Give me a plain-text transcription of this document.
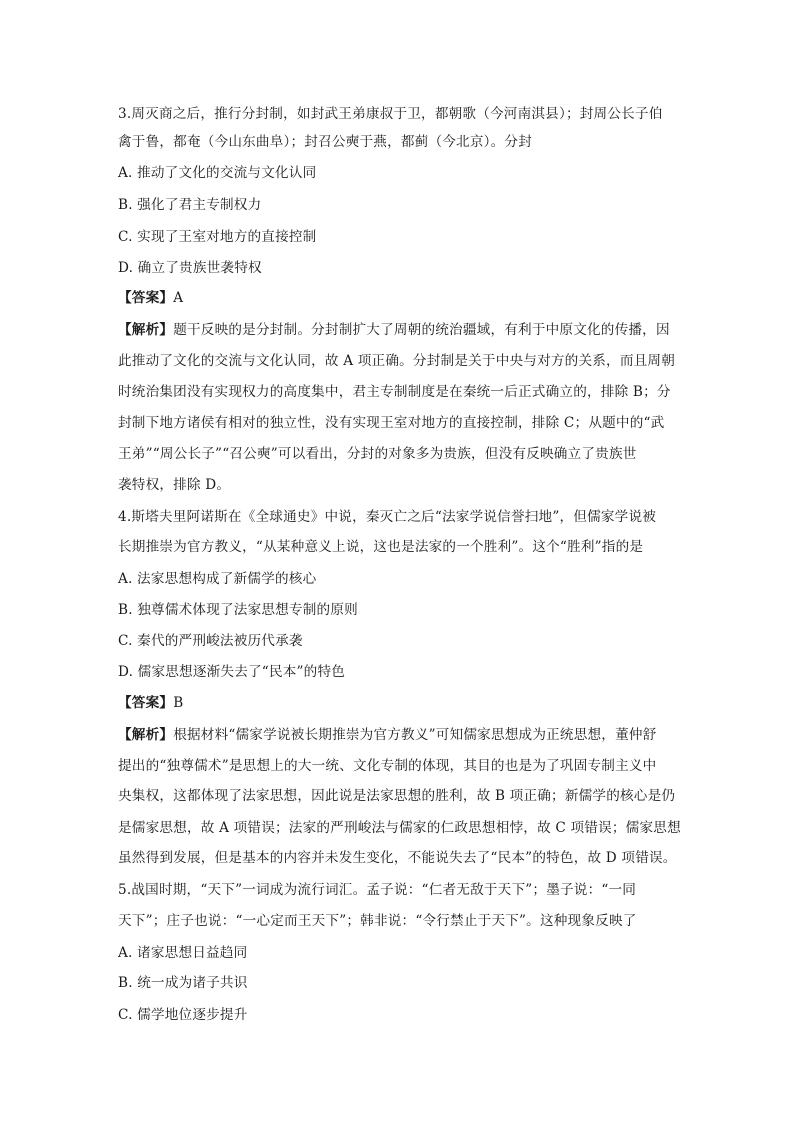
3.周灭商之后，推行分封制，如封武王弟康叔于卫，都朝歌（今河南淇县）；封周公长子伯
禽于鲁，都奄（今山东曲阜）；封召公奭于燕，都蓟（今北京）。分封
A. 推动了文化的交流与文化认同
B. 强化了君主专制权力
C. 实现了王室对地方的直接控制
D. 确立了贵族世袭特权
【答案】A
【解析】题干反映的是分封制。分封制扩大了周朝的统治疆域，有利于中原文化的传播，因
此推动了文化的交流与文化认同，故 A 项正确。分封制是关于中央与对方的关系，而且周朝
时统治集团没有实现权力的高度集中，君主专制制度是在秦统一后正式确立的，排除 B；分
封制下地方诸侯有相对的独立性，没有实现王室对地方的直接控制，排除 C；从题中的“武
王弟”“周公长子”“召公奭”可以看出，分封的对象多为贵族，但没有反映确立了贵族世
袭特权，排除 D。
4.斯塔夫里阿诺斯在《全球通史》中说，秦灭亡之后“法家学说信誉扫地”，但儒家学说被
长期推崇为官方教义，“从某种意义上说，这也是法家的一个胜利”。这个“胜利”指的是
A. 法家思想构成了新儒学的核心
B. 独尊儒术体现了法家思想专制的原则
C. 秦代的严刑峻法被历代承袭
D. 儒家思想逐渐失去了“民本”的特色
【答案】B
【解析】根据材料“儒家学说被长期推崇为官方教义”可知儒家思想成为正统思想，董仲舒
提出的“独尊儒术”是思想上的大一统、文化专制的体现，其目的也是为了巩固专制主义中
央集权，这都体现了法家思想，因此说是法家思想的胜利，故 B 项正确；新儒学的核心是仍
是儒家思想，故 A 项错误；法家的严刑峻法与儒家的仁政思想相悖，故 C 项错误；儒家思想
虽然得到发展，但是基本的内容并未发生变化，不能说失去了“民本”的特色，故 D 项错误。
5.战国时期，“天下”一词成为流行词汇。孟子说：“仁者无敌于天下”；墨子说：“一同
天下”；庄子也说：“一心定而王天下”；韩非说：“令行禁止于天下”。这种现象反映了
A. 诸家思想日益趋同
B. 统一成为诸子共识
C. 儒学地位逐步提升
